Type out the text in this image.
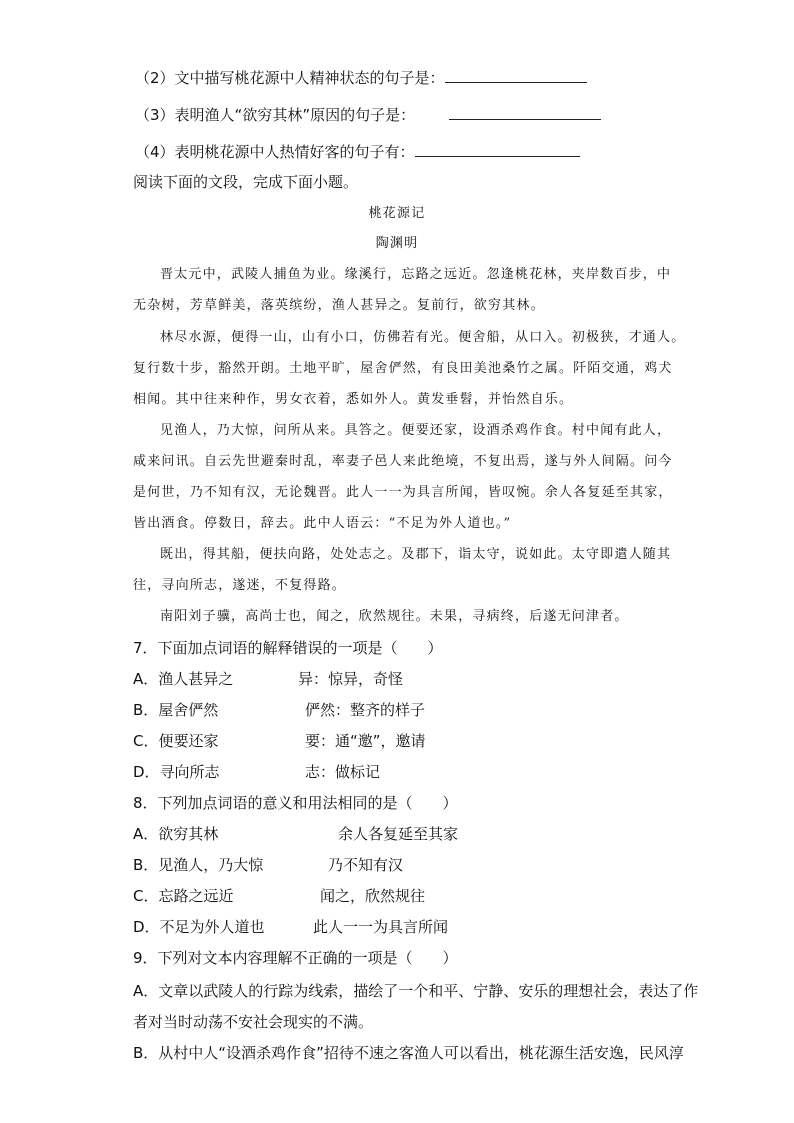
（2）文中描写桃花源中人精神状态的句子是：
（3）表明渔人“欲穷其林”原因的句子是：
（4）表明桃花源中人热情好客的句子有：
阅读下面的文段，完成下面小题。
桃花源记
陶渊明
晋太元中，武陵人捕鱼为业。缘溪行，忘路之远近。忽逢桃花林，夹岸数百步，中
无杂树，芳草鲜美，落英缤纷，渔人甚异之。复前行，欲穷其林。
林尽水源，便得一山，山有小口，仿佛若有光。便舍船，从口入。初极狭，才通人。
复行数十步，豁然开朗。土地平旷，屋舍俨然，有良田美池桑竹之属。阡陌交通，鸡犬
相闻。其中往来种作，男女衣着，悉如外人。黄发垂髫，并怡然自乐。
见渔人，乃大惊，问所从来。具答之。便要还家，设酒杀鸡作食。村中闻有此人，
咸来问讯。自云先世避秦时乱，率妻子邑人来此绝境，不复出焉，遂与外人间隔。问今
是何世，乃不知有汉，无论魏晋。此人一一为具言所闻，皆叹惋。余人各复延至其家，
皆出酒食。停数日，辞去。此中人语云：“不足为外人道也。”
既出，得其船，便扶向路，处处志之。及郡下，诣太守，说如此。太守即遣人随其
往，寻向所志，遂迷，不复得路。
南阳刘子骥，高尚士也，闻之，欣然规往。未果，寻病终，后遂无问津者。
7．下面加点词语的解释错误的一项是（　　）
A．渔人甚异之	异：惊异，奇怪
B．屋舍俨然	俨然：整齐的样子
C．便要还家	要：通“邀”，邀请
D．寻向所志	志：做标记
8．下列加点词语的意义和用法相同的是（　　）
A．欲穷其林	余人各复延至其家
B．见渔人，乃大惊	乃不知有汉
C．忘路之远近	闻之，欣然规往
D．不足为外人道也	此人一一为具言所闻
9．下列对文本内容理解不正确的一项是（　　）
A．文章以武陵人的行踪为线索，描绘了一个和平、宁静、安乐的理想社会，表达了作
者对当时动荡不安社会现实的不满。
B．从村中人“设酒杀鸡作食”招待不速之客渔人可以看出，桃花源生活安逸，民风淳
